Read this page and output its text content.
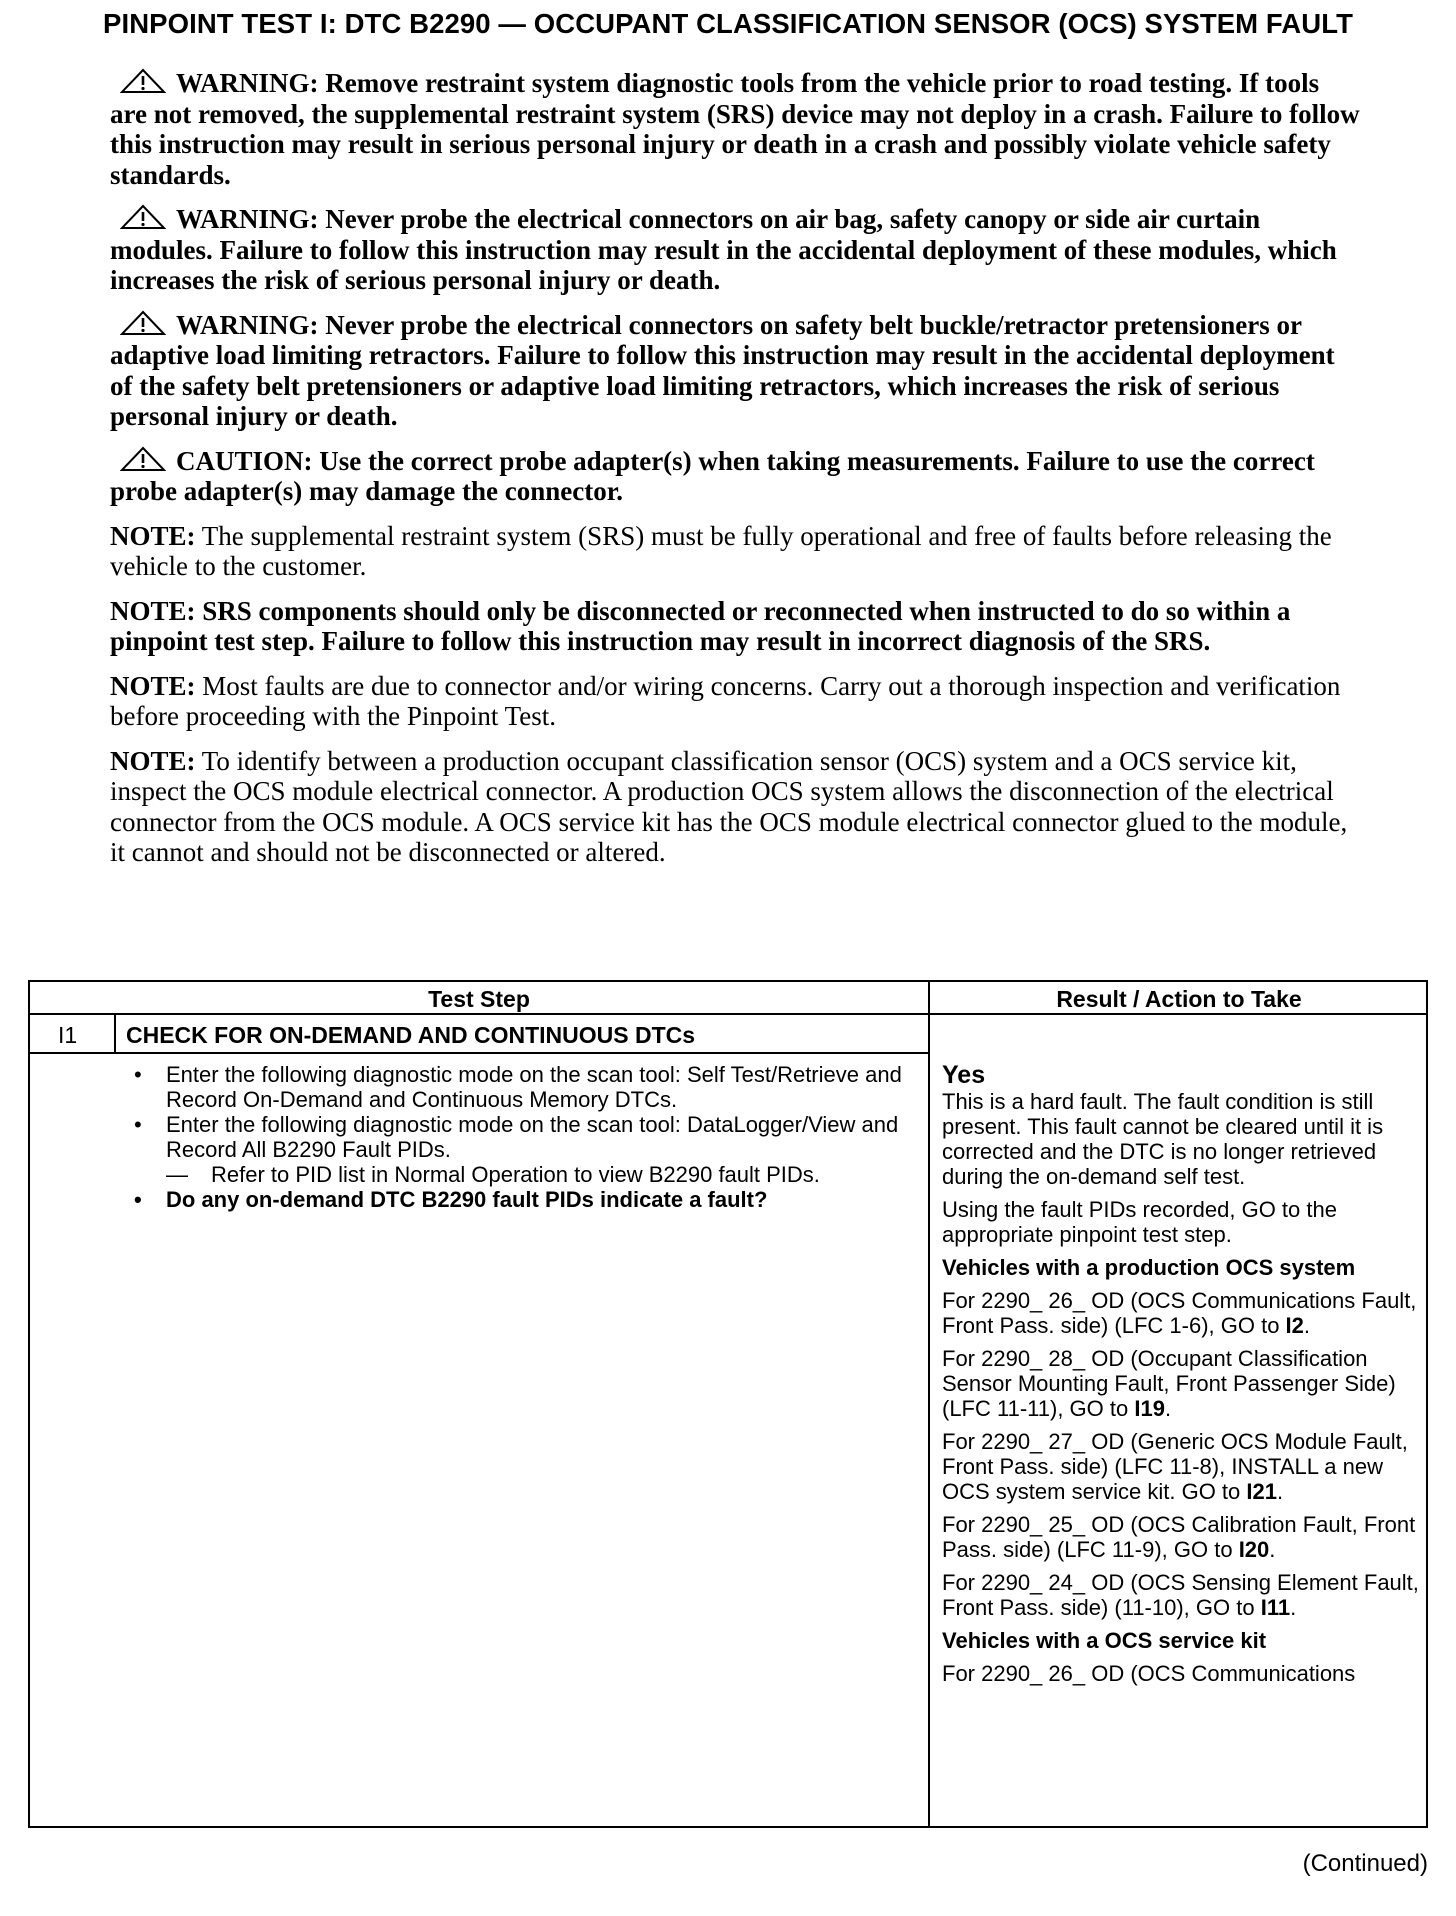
PINPOINT TEST I: DTC B2290 — OCCUPANT CLASSIFICATION SENSOR (OCS) SYSTEM FAULT

WARNING: Remove restraint system diagnostic tools from the vehicle prior to road testing. If tools are not removed, the supplemental restraint system (SRS) device may not deploy in a crash. Failure to follow this instruction may result in serious personal injury or death in a crash and possibly violate vehicle safety standards.

WARNING: Never probe the electrical connectors on air bag, safety canopy or side air curtain modules. Failure to follow this instruction may result in the accidental deployment of these modules, which increases the risk of serious personal injury or death.

WARNING: Never probe the electrical connectors on safety belt buckle/retractor pretensioners or adaptive load limiting retractors. Failure to follow this instruction may result in the accidental deployment of the safety belt pretensioners or adaptive load limiting retractors, which increases the risk of serious personal injury or death.

CAUTION: Use the correct probe adapter(s) when taking measurements. Failure to use the correct probe adapter(s) may damage the connector.

NOTE: The supplemental restraint system (SRS) must be fully operational and free of faults before releasing the vehicle to the customer.

NOTE: SRS components should only be disconnected or reconnected when instructed to do so within a pinpoint test step. Failure to follow this instruction may result in incorrect diagnosis of the SRS.

NOTE: Most faults are due to connector and/or wiring concerns. Carry out a thorough inspection and verification before proceeding with the Pinpoint Test.

NOTE: To identify between a production occupant classification sensor (OCS) system and a OCS service kit, inspect the OCS module electrical connector. A production OCS system allows the disconnection of the electrical connector from the OCS module. A OCS service kit has the OCS module electrical connector glued to the module, it cannot and should not be disconnected or altered.

Test Step	Result / Action to Take
I1 CHECK FOR ON-DEMAND AND CONTINUOUS DTCs
• Enter the following diagnostic mode on the scan tool: Self Test/Retrieve and Record On-Demand and Continuous Memory DTCs.
• Enter the following diagnostic mode on the scan tool: DataLogger/View and Record All B2290 Fault PIDs.
— Refer to PID list in Normal Operation to view B2290 fault PIDs.
• Do any on-demand DTC B2290 fault PIDs indicate a fault?
Yes
This is a hard fault. The fault condition is still present. This fault cannot be cleared until it is corrected and the DTC is no longer retrieved during the on-demand self test.
Using the fault PIDs recorded, GO to the appropriate pinpoint test step.
Vehicles with a production OCS system
For 2290_ 26_ OD (OCS Communications Fault, Front Pass. side) (LFC 1-6), GO to I2.
For 2290_ 28_ OD (Occupant Classification Sensor Mounting Fault, Front Passenger Side) (LFC 11-11), GO to I19.
For 2290_ 27_ OD (Generic OCS Module Fault, Front Pass. side) (LFC 11-8), INSTALL a new OCS system service kit. GO to I21.
For 2290_ 25_ OD (OCS Calibration Fault, Front Pass. side) (LFC 11-9), GO to I20.
For 2290_ 24_ OD (OCS Sensing Element Fault, Front Pass. side) (11-10), GO to I11.
Vehicles with a OCS service kit
For 2290_ 26_ OD (OCS Communications
(Continued)
